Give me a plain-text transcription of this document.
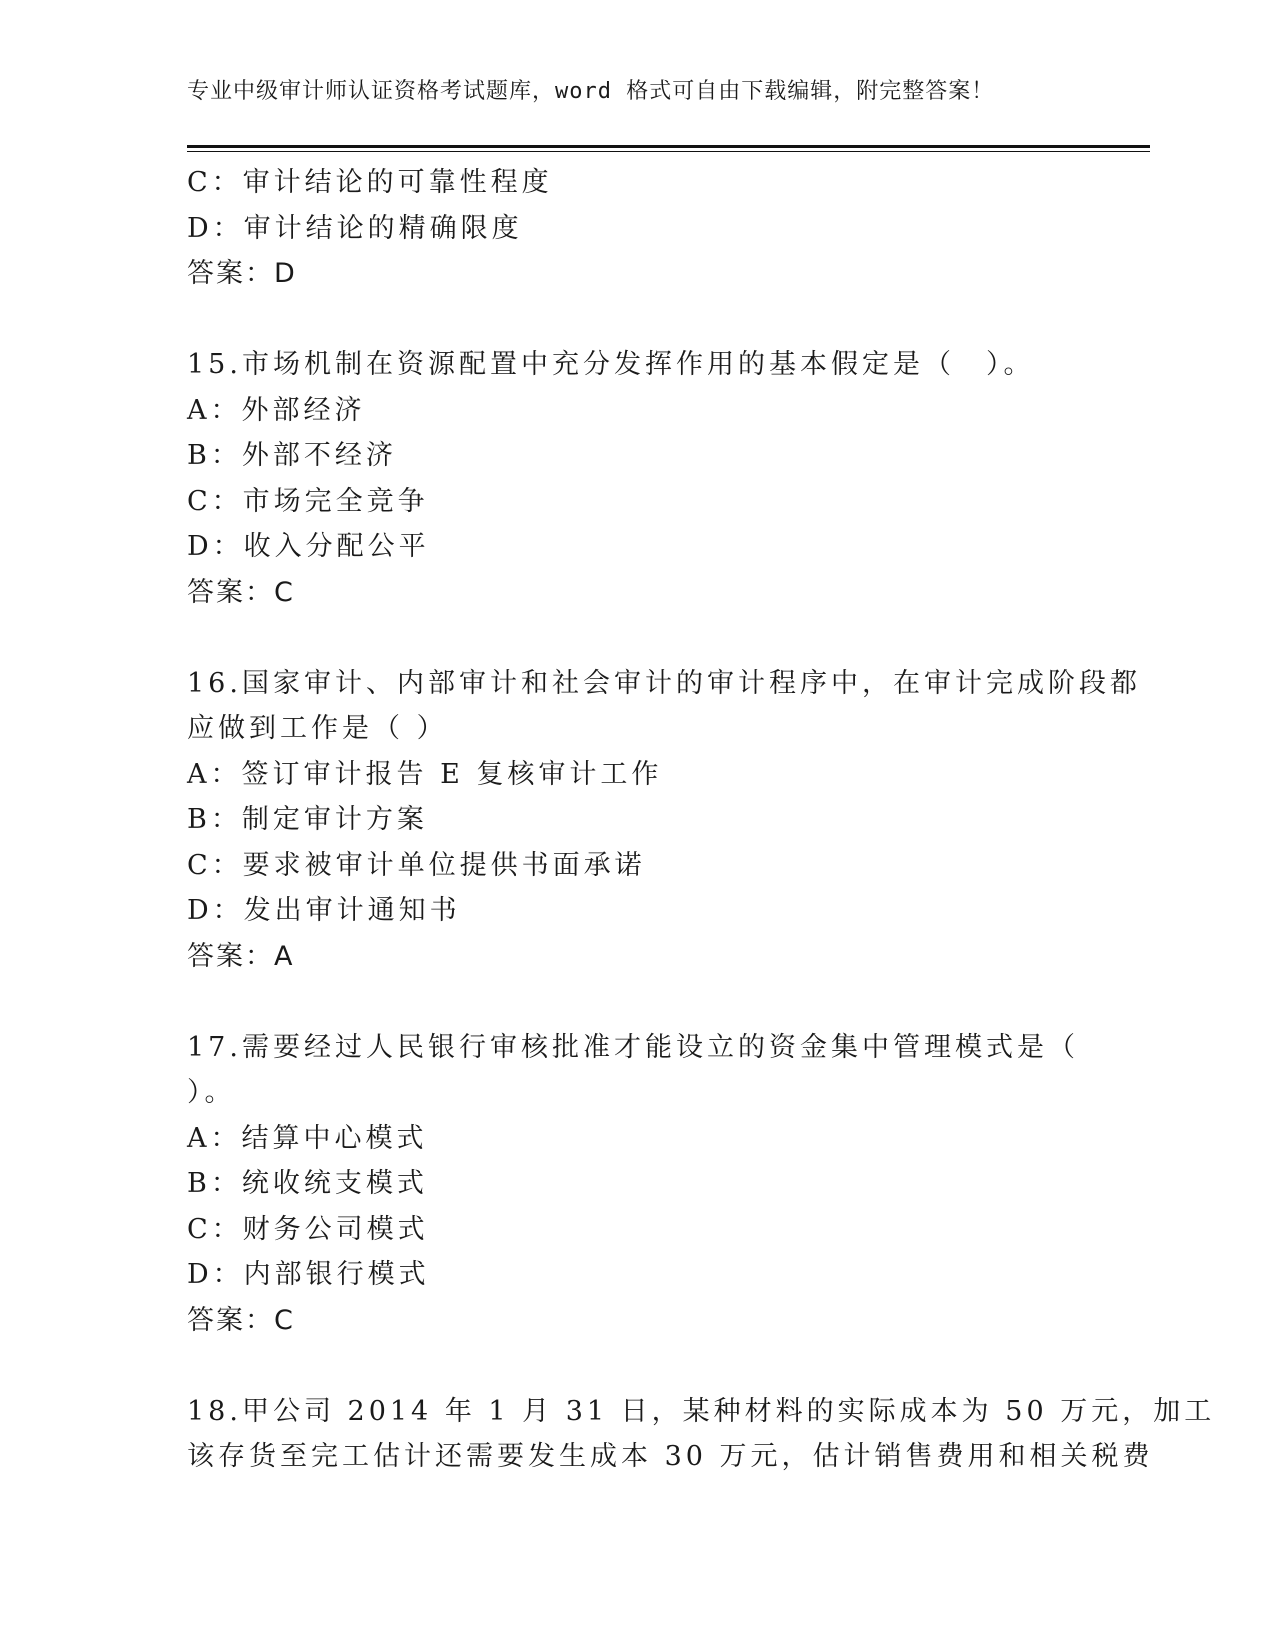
专业中级审计师认证资格考试题库，word 格式可自由下载编辑，附完整答案！
C：审计结论的可靠性程度
D：审计结论的精确限度
答案：D
15.市场机制在资源配置中充分发挥作用的基本假定是（　）。
A：外部经济
B：外部不经济
C：市场完全竞争
D：收入分配公平
答案：C
16.国家审计、内部审计和社会审计的审计程序中，在审计完成阶段都
应做到工作是（ ）
A：签订审计报告 E 复核审计工作
B：制定审计方案
C：要求被审计单位提供书面承诺
D：发出审计通知书
答案：A
17.需要经过人民银行审核批准才能设立的资金集中管理模式是（
）。
A：结算中心模式
B：统收统支模式
C：财务公司模式
D：内部银行模式
答案：C
18.甲公司 2014 年 1 月 31 日，某种材料的实际成本为 50 万元，加工
该存货至完工估计还需要发生成本 30 万元，估计销售费用和相关税费
